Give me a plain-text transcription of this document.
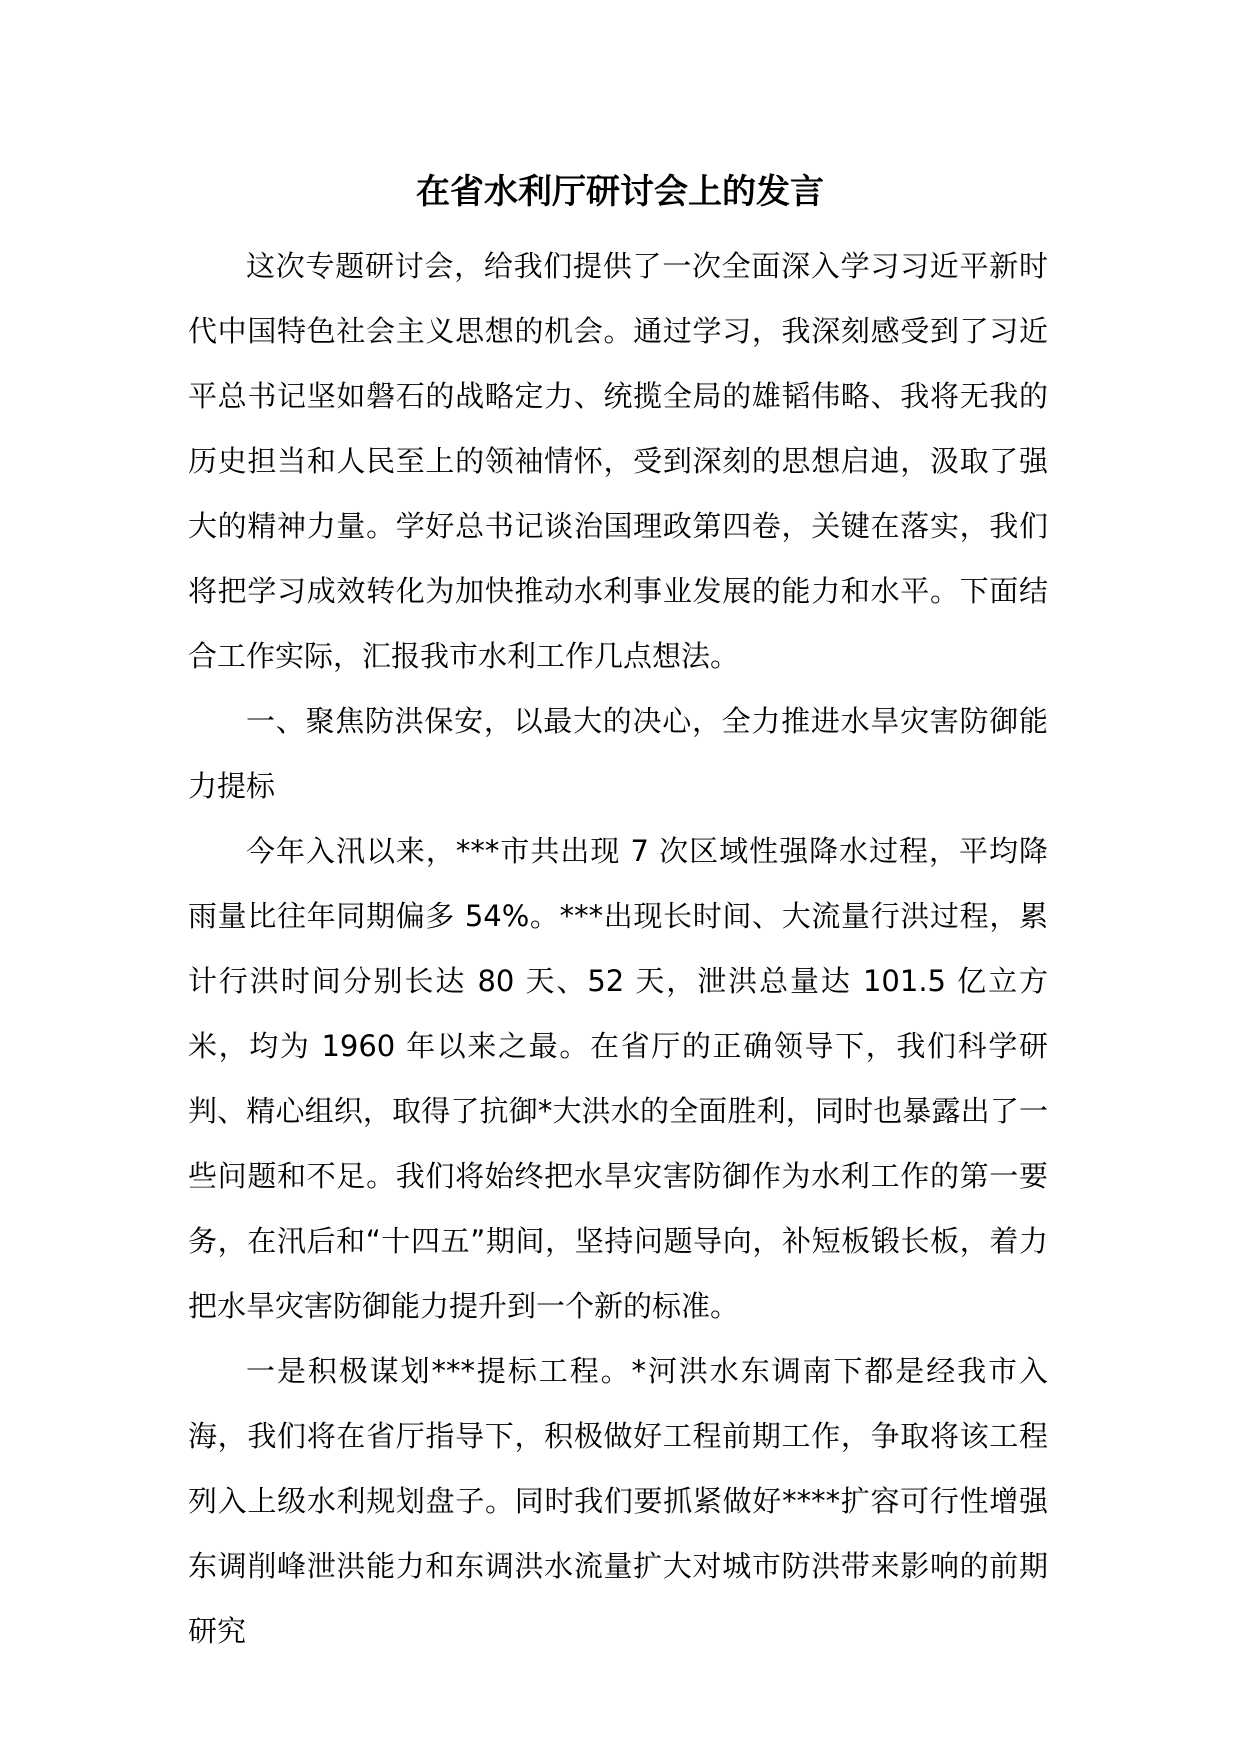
在省水利厅研讨会上的发言

这次专题研讨会，给我们提供了一次全面深入学习习近平新时代中国特色社会主义思想的机会。通过学习，我深刻感受到了习近平总书记坚如磐石的战略定力、统揽全局的雄韬伟略、我将无我的历史担当和人民至上的领袖情怀，受到深刻的思想启迪，汲取了强大的精神力量。学好总书记谈治国理政第四卷，关键在落实，我们将把学习成效转化为加快推动水利事业发展的能力和水平。下面结合工作实际，汇报我市水利工作几点想法。

一、聚焦防洪保安，以最大的决心，全力推进水旱灾害防御能力提标

今年入汛以来，***市共出现 7 次区域性强降水过程，平均降雨量比往年同期偏多 54%。***出现长时间、大流量行洪过程，累计行洪时间分别长达 80 天、52 天，泄洪总量达 101.5 亿立方米，均为 1960 年以来之最。在省厅的正确领导下，我们科学研判、精心组织，取得了抗御*大洪水的全面胜利，同时也暴露出了一些问题和不足。我们将始终把水旱灾害防御作为水利工作的第一要务，在汛后和“十四五”期间，坚持问题导向，补短板锻长板，着力把水旱灾害防御能力提升到一个新的标准。

一是积极谋划***提标工程。*河洪水东调南下都是经我市入海，我们将在省厅指导下，积极做好工程前期工作，争取将该工程列入上级水利规划盘子。同时我们要抓紧做好****扩容可行性增强东调削峰泄洪能力和东调洪水流量扩大对城市防洪带来影响的前期研究
